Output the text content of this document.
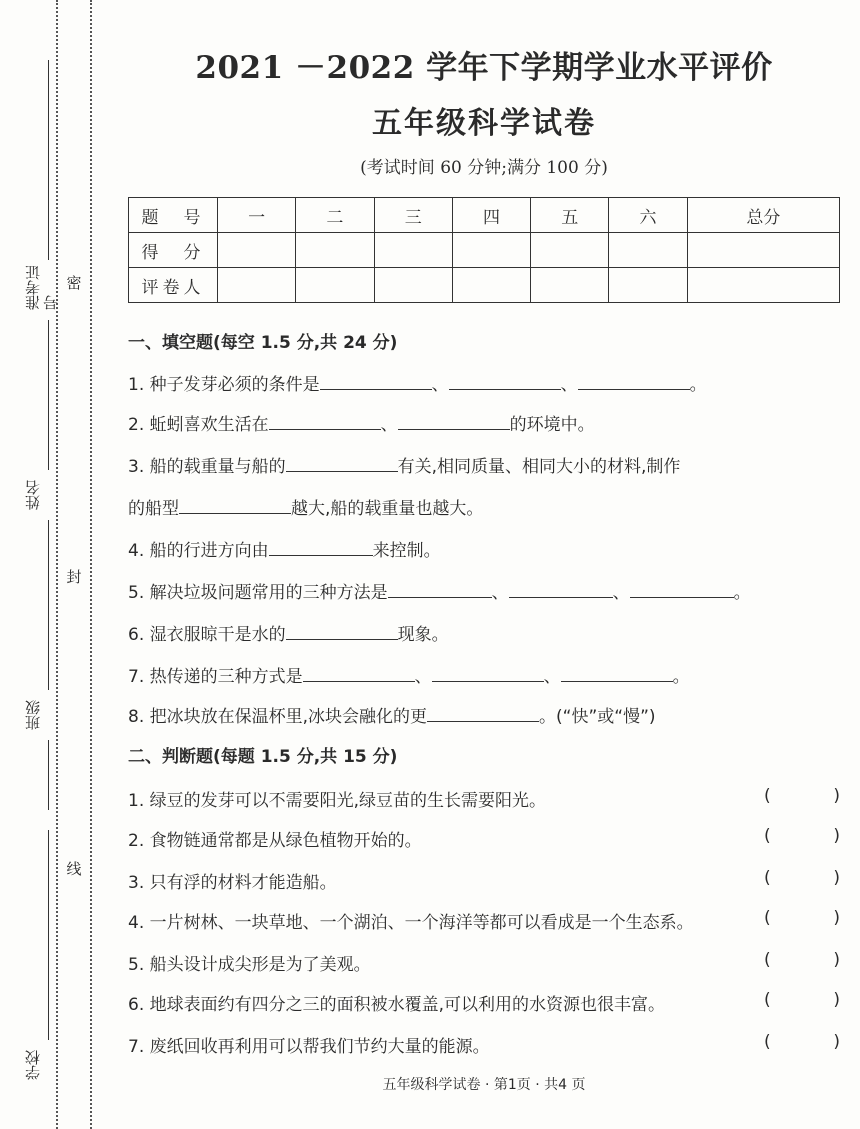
准考证号
姓名
班级
学校
密
封
线
2021 －2022 学年下学期学业水平评价
五年级科学试卷
(考试时间 60 分钟;满分 100 分)
题　号	一	二	三	四	五	六	总分
得　分							
评卷人							
一、填空题(每空 1.5 分,共 24 分)
1. 种子发芽必须的条件是	、	、	。
2. 蚯蚓喜欢生活在	、	的环境中。
3. 船的载重量与船的	有关,相同质量、相同大小的材料,制作
的船型	越大,船的载重量也越大。
4. 船的行进方向由	来控制。
5. 解决垃圾问题常用的三种方法是	、	、	。
6. 湿衣服晾干是水的	现象。
7. 热传递的三种方式是	、	、	。
8. 把冰块放在保温杯里,冰块会融化的更	。(“快”或“慢”)
二、判断题(每题 1.5 分,共 15 分)
1. 绿豆的发芽可以不需要阳光,绿豆苗的生长需要阳光。	(	)
2. 食物链通常都是从绿色植物开始的。	(	)
3. 只有浮的材料才能造船。	(	)
4. 一片树林、一块草地、一个湖泊、一个海洋等都可以看成是一个生态系。	(	)
5. 船头设计成尖形是为了美观。	(	)
6. 地球表面约有四分之三的面积被水覆盖,可以利用的水资源也很丰富。	(	)
7. 废纸回收再利用可以帮我们节约大量的能源。	(	)
五年级科学试卷 · 第1页 · 共4 页
